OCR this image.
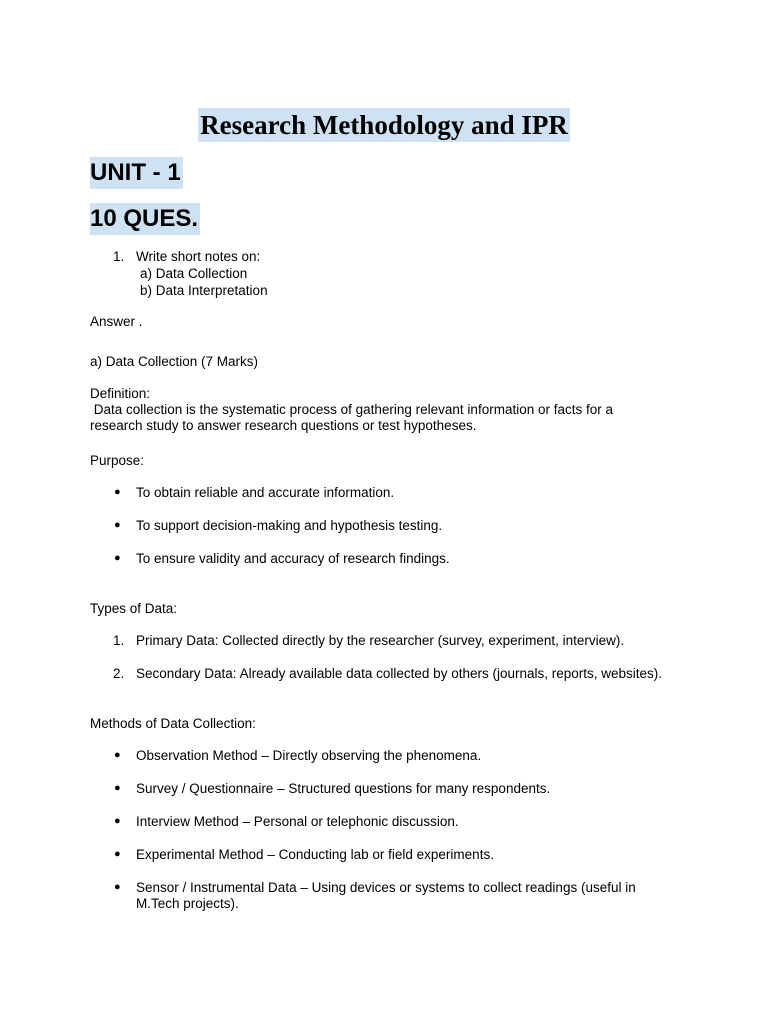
Research Methodology and IPR
UNIT - 1
10 QUES.
1. Write short notes on:
a) Data Collection
b) Data Interpretation
Answer .
a) Data Collection (7 Marks)
Definition:
Data collection is the systematic process of gathering relevant information or facts for a
research study to answer research questions or test hypotheses.
Purpose:
● To obtain reliable and accurate information.
● To support decision-making and hypothesis testing.
● To ensure validity and accuracy of research findings.
Types of Data:
1. Primary Data: Collected directly by the researcher (survey, experiment, interview).
2. Secondary Data: Already available data collected by others (journals, reports, websites).
Methods of Data Collection:
● Observation Method – Directly observing the phenomena.
● Survey / Questionnaire – Structured questions for many respondents.
● Interview Method – Personal or telephonic discussion.
● Experimental Method – Conducting lab or field experiments.
● Sensor / Instrumental Data – Using devices or systems to collect readings (useful in
M.Tech projects).
